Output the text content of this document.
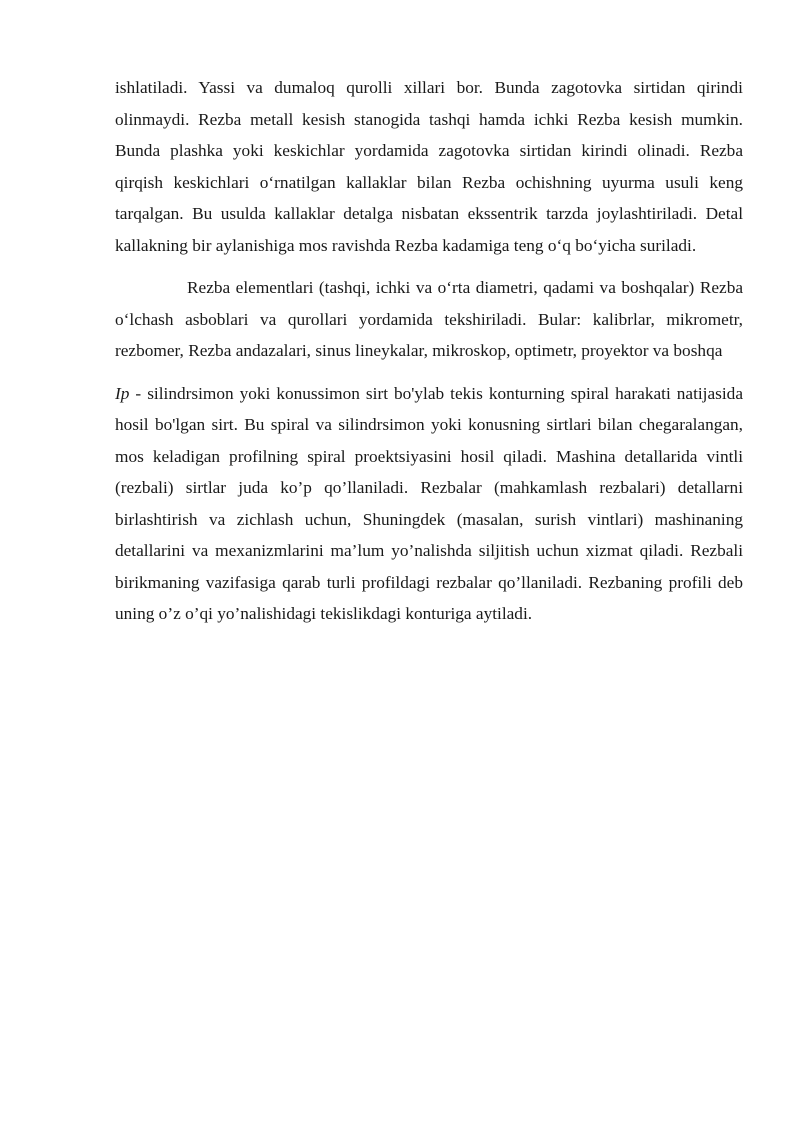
ishlatiladi. Yassi va dumaloq qurolli xillari bor. Bunda zagotovka sirtidan qirindi olinmaydi. Rezba metall kesish stanogida tashqi hamda ichki Rezba kesish mumkin. Bunda plashka yoki keskichlar yordamida zagotovka sirtidan kirindi olinadi. Rezba qirqish keskichlari o‘rnatilgan kallaklar bilan Rezba ochishning uyurma usuli keng tarqalgan. Bu usulda kallaklar detalga nisbatan ekssentrik tarzda joylashtiriladi. Detal kallakning bir aylanishiga mos ravishda Rezba kadamiga teng o‘q bo‘yicha suriladi.

Rezba elementlari (tashqi, ichki va o‘rta diametri, qadami va boshqalar) Rezba o‘lchash asboblari va qurollari yordamida tekshiriladi. Bular: kalibrlar, mikrometr, rezbomer, Rezba andazalari, sinus lineykalar, mikroskop, optimetr, proyektor va boshqa

Ip - silindrsimon yoki konussimon sirt bo'ylab tekis konturning spiral harakati natijasida hosil bo'lgan sirt. Bu spiral va silindrsimon yoki konusning sirtlari bilan chegaralangan, mos keladigan profilning spiral proektsiyasini hosil qiladi. Mashina detallarida vintli (rezbali) sirtlar juda ko’p qo’llaniladi. Rezbalar (mahkamlash rezbalari) detallarni birlashtirish va zichlash uchun, Shuningdek (masalan, surish vintlari) mashinaning detallarini va mexanizmlarini ma’lum yo’nalishda siljitish uchun xizmat qiladi. Rezbali birikmaning vazifasiga qarab turli profildagi rezbalar qo’llaniladi. Rezbaning profili deb uning o’z o’qi yo’nalishidagi tekislikdagi konturiga aytiladi.
